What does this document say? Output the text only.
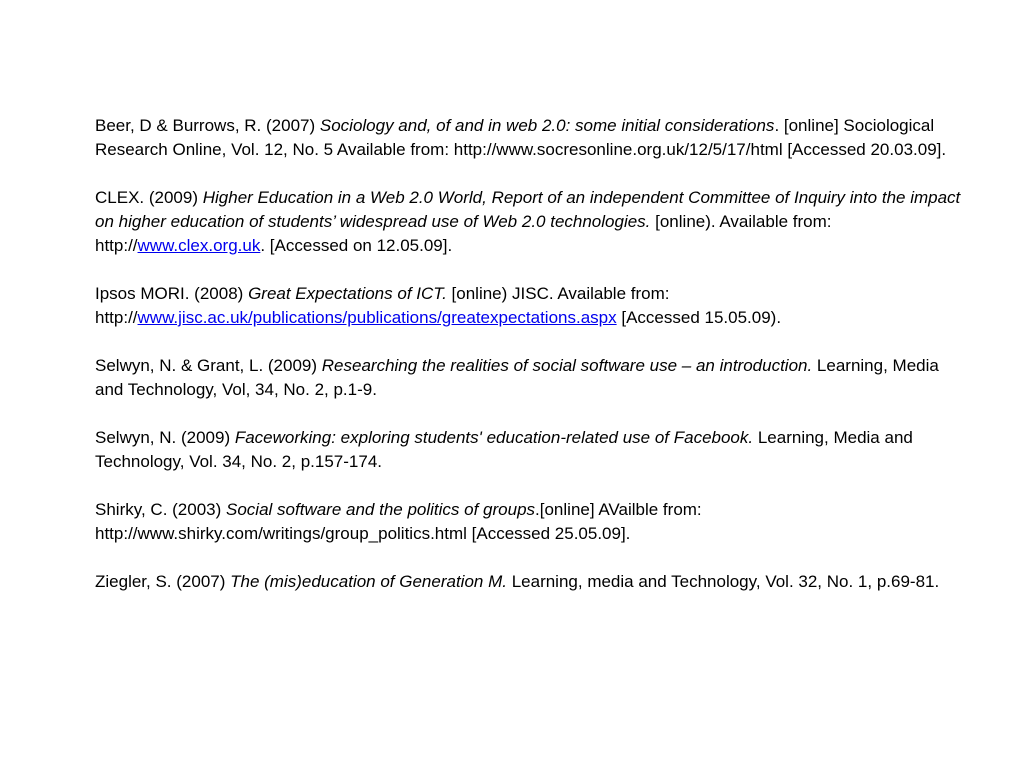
Beer, D & Burrows, R. (2007) Sociology and, of and in web 2.0: some initial considerations. [online] Sociological Research Online, Vol. 12, No. 5 Available from: http://www.socresonline.org.uk/12/5/17/html [Accessed 20.03.09].

CLEX. (2009) Higher Education in a Web 2.0 World, Report of an independent Committee of Inquiry into the impact on higher education of students’ widespread use of Web 2.0 technologies. [online). Available from: http://www.clex.org.uk. [Accessed on 12.05.09].

Ipsos MORI. (2008) Great Expectations of ICT. [online) JISC. Available from: http://www.jisc.ac.uk/publications/publications/greatexpectations.aspx [Accessed 15.05.09).

Selwyn, N. & Grant, L. (2009) Researching the realities of social software use – an introduction. Learning, Media and Technology, Vol, 34, No. 2, p.1-9.

Selwyn, N. (2009) Faceworking: exploring students' education-related use of Facebook. Learning, Media and Technology, Vol. 34, No. 2, p.157-174.

Shirky, C. (2003) Social software and the politics of groups.[online] AVailble from: http://www.shirky.com/writings/group_politics.html [Accessed 25.05.09].

Ziegler, S. (2007) The (mis)education of Generation M. Learning, media and Technology, Vol. 32, No. 1, p.69-81.
